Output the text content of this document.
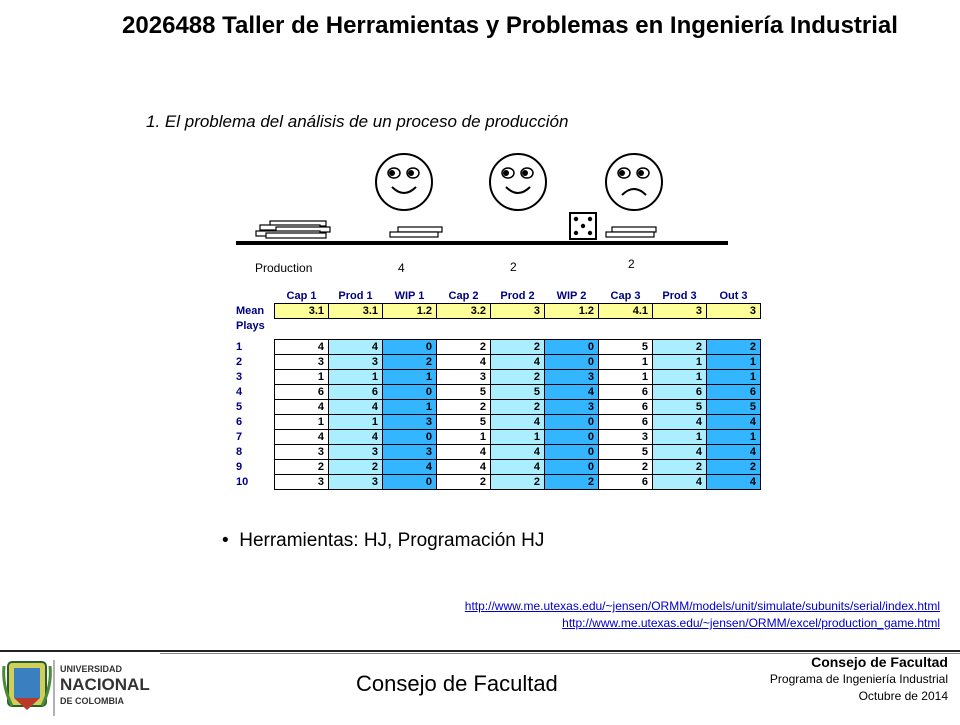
2026488 Taller de Herramientas y Problemas en Ingeniería Industrial
1. El problema del análisis de un proceso de producción
Production	4	2	2
	Cap 1	Prod 1	WIP 1	Cap 2	Prod 2	WIP 2	Cap 3	Prod 3	Out 3
Mean	3.1	3.1	1.2	3.2	3	1.2	4.1	3	3
Plays									

1	4	4	0	2	2	0	5	2	2
2	3	3	2	4	4	0	1	1	1
3	1	1	1	3	2	3	1	1	1
4	6	6	0	5	5	4	6	6	6
5	4	4	1	2	2	3	6	5	5
6	1	1	3	5	4	0	6	4	4

7	4	4	0	1	1	0	3	1	1
8	3	3	3	4	4	0	5	4	4
9	2	2	4	4	4	0	2	2	2
10	3	3	0	2	2	2	6	4	4
•  Herramientas: HJ, Programación HJ
http://www.me.utexas.edu/~jensen/ORMM/models/unit/simulate/subunits/serial/index.html
http://www.me.utexas.edu/~jensen/ORMM/excel/production_game.html
UNIVERSIDAD
NACIONAL
DE COLOMBIA
Consejo de Facultad
Consejo de Facultad
Programa de Ingeniería Industrial
Octubre de 2014
